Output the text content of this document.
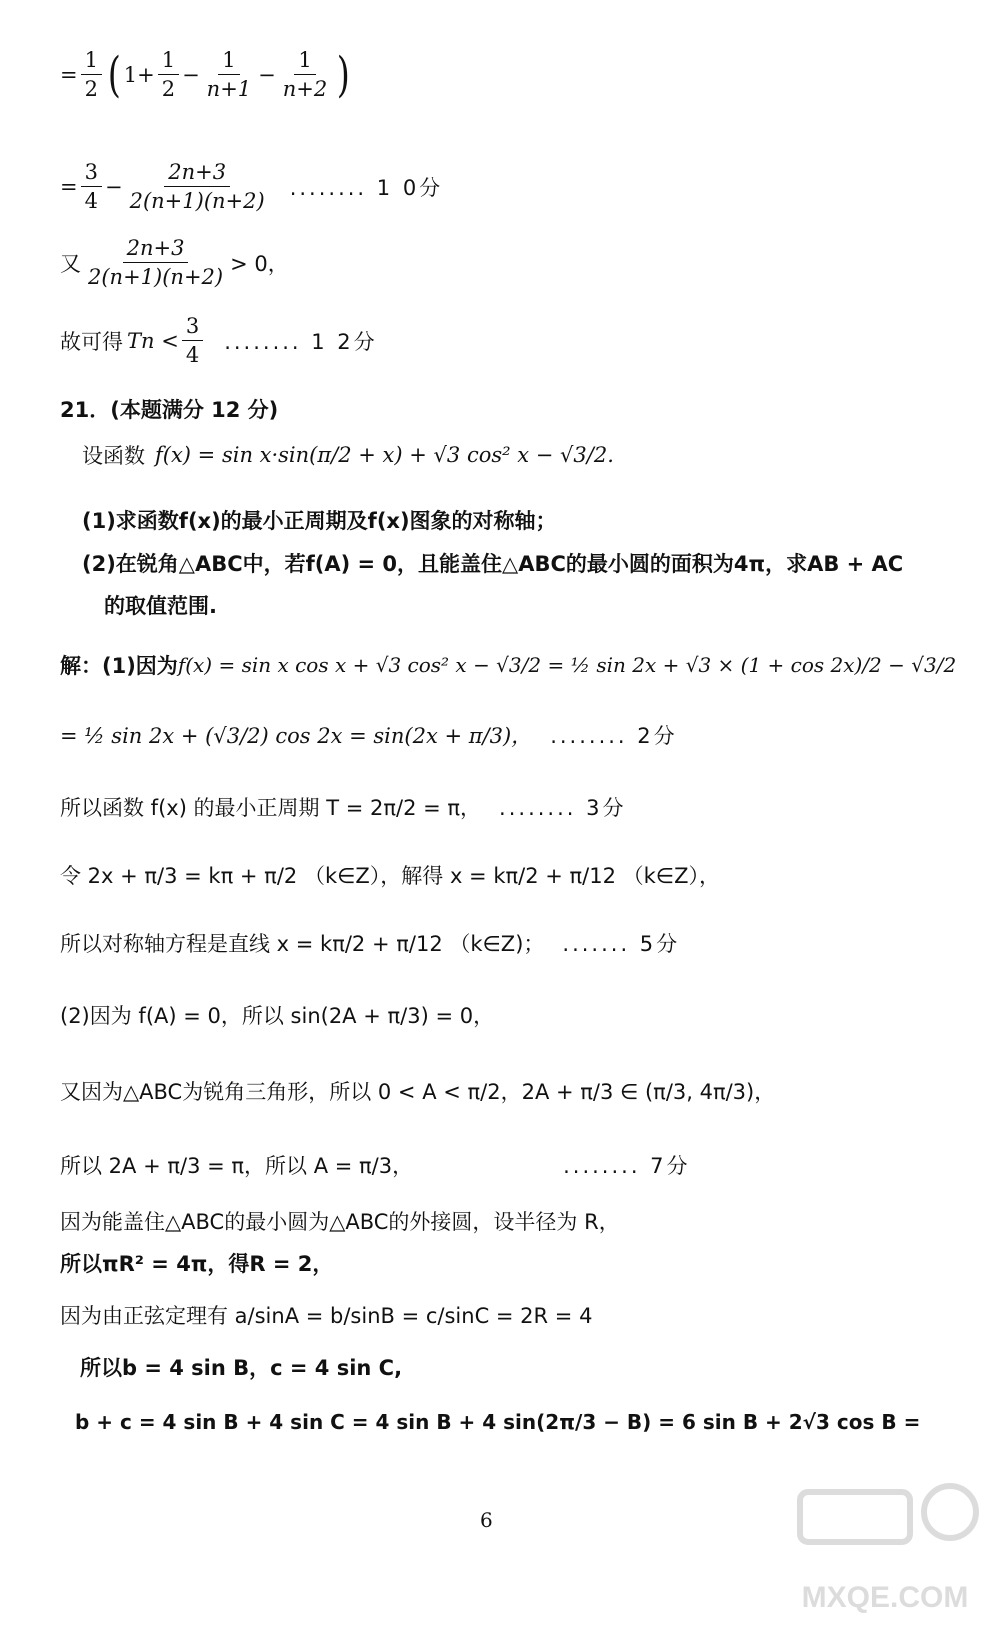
= $\frac{1}{2}$ ( $1+ \frac{1}{2} - \frac{1}{n+1} - \frac{1}{n+2}$ )
= $\frac{3}{4} - \frac{2n+3}{2(n+1)(n+2)}$ ........ 1 0分
又 $\frac{2n+3}{2(n+1)(n+2)} > 0$，
故可得 $Tn < \frac{3}{4}$ ........ 1 2分
21．(本题满分 12 分)
设函数 f(x) = sin x·sin(π/2 + x) + √3 cos² x − √3/2.
(1)求函数f(x)的最小正周期及f(x)图象的对称轴；
(2)在锐角△ABC中，若f(A) = 0，且能盖住△ABC的最小圆的面积为4π，求AB + AC
的取值范围.
解：(1)因为 f(x) = sin x cos x + √3 cos² x − √3/2 = ½ sin 2x + √3 × (1 + cos 2x)/2 − √3/2
= ½ sin 2x + (√3/2) cos 2x = sin(2x + π/3)， ........ 2分
所以函数 f(x) 的最小正周期 T = 2π/2 = π， ........ 3分
令 2x + π/3 = kπ + π/2 （k∈Z），解得 x = kπ/2 + π/12 （k∈Z），
所以对称轴方程是直线 x = kπ/2 + π/12 （k∈Z)； ....... 5分
(2)因为 f(A) = 0，所以 sin(2A + π/3) = 0，
又因为△ABC为锐角三角形，所以 0 < A < π/2，2A + π/3 ∈ (π/3, 4π/3)，
所以 2A + π/3 = π，所以 A = π/3，	........ 7分
因为能盖住△ABC的最小圆为△ABC的外接圆，设半径为 R，
所以πR² = 4π，得R = 2，
因为由正弦定理有 a/sinA = b/sinB = c/sinC = 2R = 4
所以b = 4 sin B，c = 4 sin C,
b + c = 4 sin B + 4 sin C = 4 sin B + 4 sin(2π/3 − B) = 6 sin B + 2√3 cos B =
6
MXQE.COM
